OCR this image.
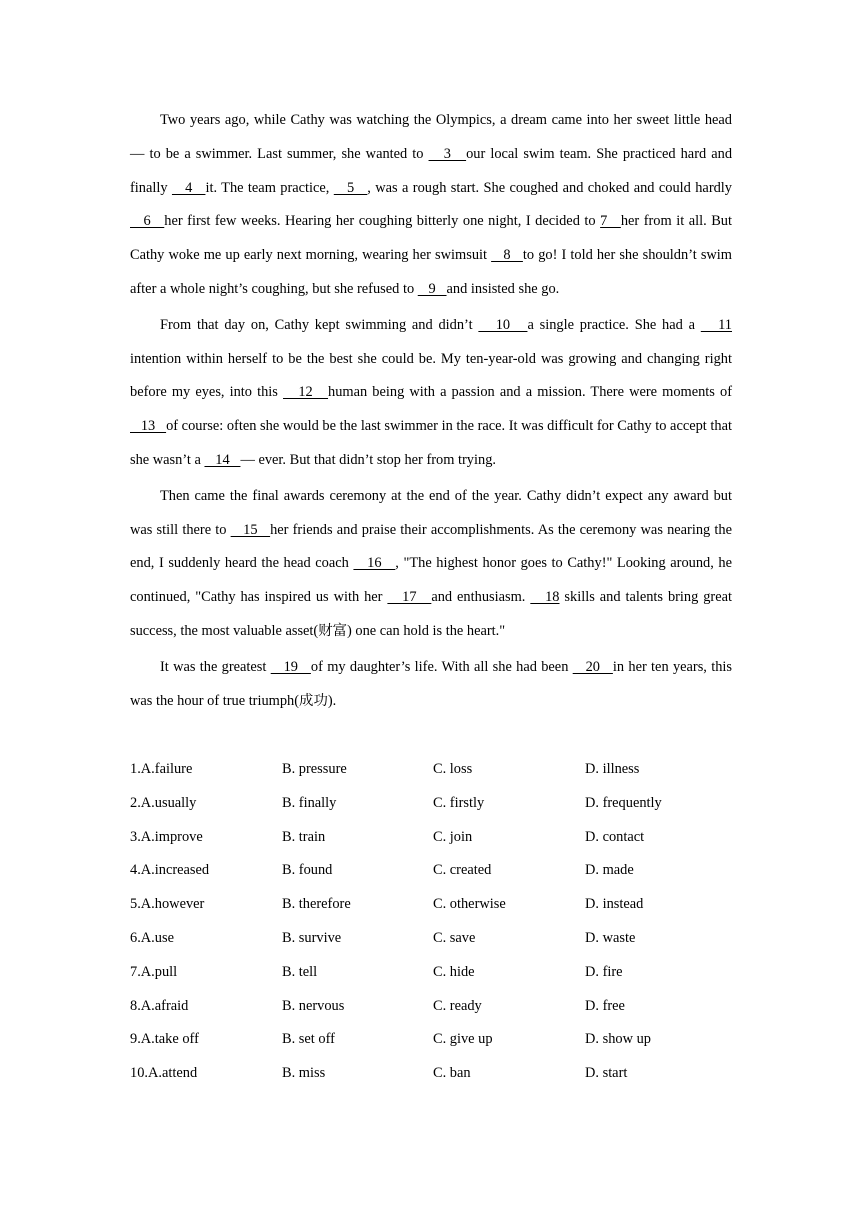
Two years ago, while Cathy was watching the Olympics, a dream came into her sweet little head — to be a swimmer. Last summer, she wanted to    3   our local swim team. She practiced hard and finally    4   it. The team practice,    5   , was a rough start. She coughed and choked and could hardly    6   her first few weeks. Hearing her coughing bitterly one night, I decided to 7   her from it all. But Cathy woke me up early next morning, wearing her swimsuit    8   to go! I told her she shouldn’t swim after a whole night’s coughing, but she refused to    9   and insisted she go.

From that day on, Cathy kept swimming and didn’t    10   a single practice. She had a    11 intention within herself to be the best she could be. My ten-year-old was growing and changing right before my eyes, into this    12   human being with a passion and a mission. There were moments of    13   of course: often she would be the last swimmer in the race. It was difficult for Cathy to accept that she wasn’t a    14   — ever. But that didn’t stop her from trying.

Then came the final awards ceremony at the end of the year. Cathy didn’t expect any award but was still there to    15   her friends and praise their accomplishments. As the ceremony was nearing the end, I suddenly heard the head coach    16   , "The highest honor goes to Cathy!" Looking around, he continued, "Cathy has inspired us with her    17   and enthusiasm.    18 skills and talents bring great success, the most valuable asset(财富) one can hold is the heart."

It was the greatest    19   of my daughter’s life. With all she had been    20   in her ten years, this was the hour of true triumph(成功).

1.A.failure	B. pressure	C. loss	D. illness
2.A.usually	B. finally	C. firstly	D. frequently
3.A.improve	B. train	C. join	D. contact
4.A.increased	B. found	C. created	D. made
5.A.however	B. therefore	C. otherwise	D. instead
6.A.use	B. survive	C. save	D. waste
7.A.pull	B. tell	C. hide	D. fire
8.A.afraid	B. nervous	C. ready	D. free
9.A.take off	B. set off	C. give up	D. show up
10.A.attend	B. miss	C. ban	D. start
